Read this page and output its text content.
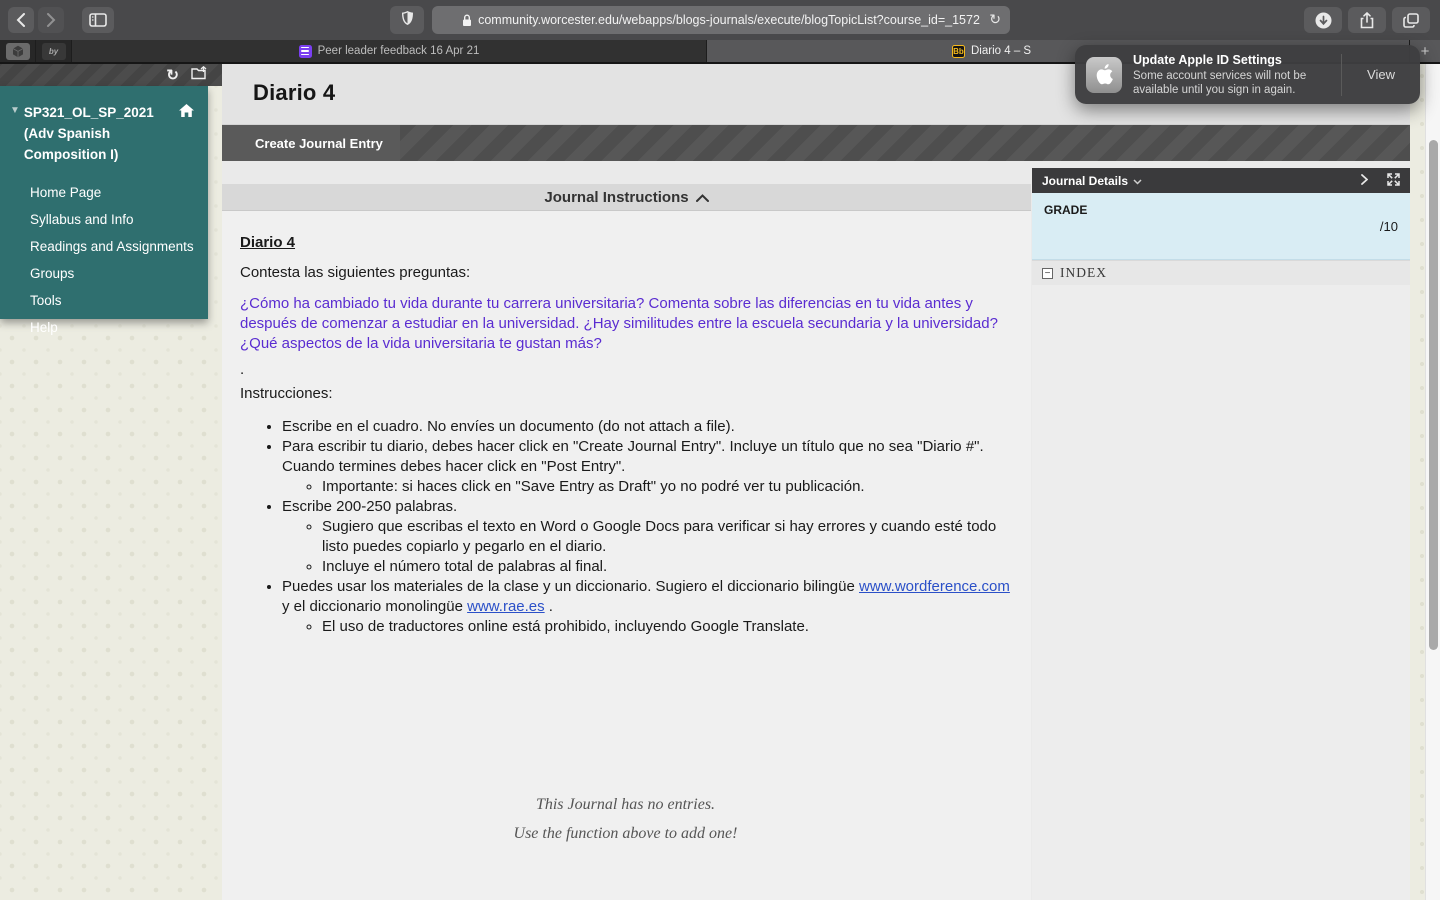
community.worcester.edu/webapps/blogs-journals/execute/blogTopicList?course_id=_1572 ↻
by	Peer leader feedback 16 Apr 21	Bb Diario 4 – S	+
↻
▼ SP321_OL_SP_2021 (Adv Spanish Composition I)
Home Page
Syllabus and Info
Readings and Assignments
Groups
Tools
Help
Diario 4
Create Journal Entry
Journal Instructions
Diario 4
Contesta las siguientes preguntas:
¿Cómo ha cambiado tu vida durante tu carrera universitaria? Comenta sobre las diferencias en tu vida antes y después de comenzar a estudiar en la universidad. ¿Hay similitudes entre la escuela secundaria y la universidad? ¿Qué aspectos de la vida universitaria te gustan más?
.
Instrucciones:
• Escribe en el cuadro. No envíes un documento (do not attach a file).
• Para escribir tu diario, debes hacer click en "Create Journal Entry". Incluye un título que no sea "Diario #". Cuando termines debes hacer click en "Post Entry".
◦ Importante: si haces click en "Save Entry as Draft" yo no podré ver tu publicación.
• Escribe 200-250 palabras.
◦ Sugiero que escribas el texto en Word o Google Docs para verificar si hay errores y cuando esté todo listo puedes copiarlo y pegarlo en el diario.
◦ Incluye el número total de palabras al final.
• Puedes usar los materiales de la clase y un diccionario. Sugiero el diccionario bilingüe www.wordference.com y el diccionario monolingüe www.rae.es .
◦ El uso de traductores online está prohibido, incluyendo Google Translate.
This Journal has no entries.
Use the function above to add one!
Journal Details
GRADE
/10
− INDEX
Update Apple ID Settings
Some account services will not be available until you sign in again.
View
